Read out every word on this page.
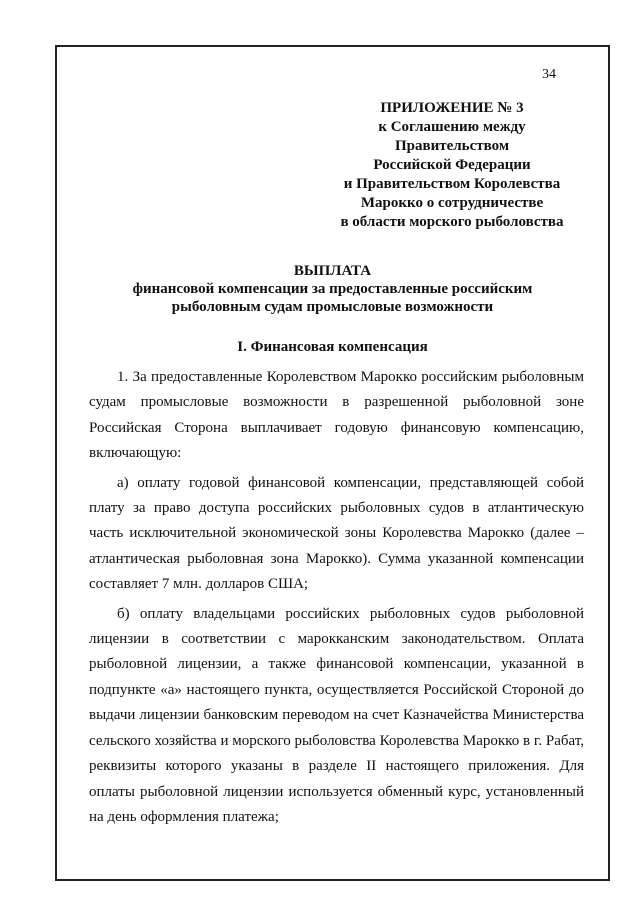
34
ПРИЛОЖЕНИЕ № 3
к Соглашению между
Правительством
Российской Федерации
и Правительством Королевства
Марокко о сотрудничестве
в области морского рыболовства
ВЫПЛАТА
финансовой компенсации за предоставленные российским
рыболовным судам промысловые возможности
I. Финансовая компенсация

1. За предоставленные Королевством Марокко российским рыболовным судам промысловые возможности в разрешенной рыболовной зоне Российская Сторона выплачивает годовую финансовую компенсацию, включающую:

а) оплату годовой финансовой компенсации, представляющей собой плату за право доступа российских рыболовных судов в атлантическую часть исключительной экономической зоны Королевства Марокко (далее – атлантическая рыболовная зона Марокко). Сумма указанной компенсации составляет 7 млн. долларов США;

б) оплату владельцами российских рыболовных судов рыболовной лицензии в соответствии с марокканским законодательством. Оплата рыболовной лицензии, а также финансовой компенсации, указанной в подпункте «а» настоящего пункта, осуществляется Российской Стороной до выдачи лицензии банковским переводом на счет Казначейства Министерства сельского хозяйства и морского рыболовства Королевства Марокко в г. Рабат, реквизиты которого указаны в разделе II настоящего приложения. Для оплаты рыболовной лицензии используется обменный курс, установленный на день оформления платежа;
